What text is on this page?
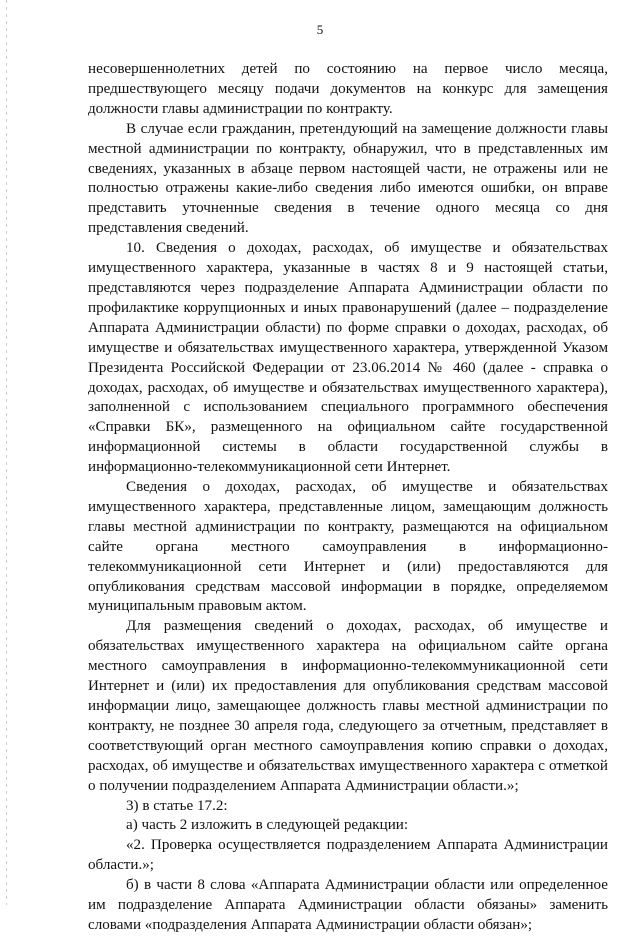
5

несовершеннолетних детей по состоянию на первое число месяца, предшествующего месяцу подачи документов на конкурс для замещения должности главы администрации по контракту.

В случае если гражданин, претендующий на замещение должности главы местной администрации по контракту, обнаружил, что в представленных им сведениях, указанных в абзаце первом настоящей части, не отражены или не полностью отражены какие-либо сведения либо имеются ошибки, он вправе представить уточненные сведения в течение одного месяца со дня представления сведений.

10. Сведения о доходах, расходах, об имуществе и обязательствах имущественного характера, указанные в частях 8 и 9 настоящей статьи, представляются через подразделение Аппарата Администрации области по профилактике коррупционных и иных правонарушений (далее – подразделение Аппарата Администрации области) по форме справки о доходах, расходах, об имуществе и обязательствах имущественного характера, утвержденной Указом Президента Российской Федерации от 23.06.2014 № 460 (далее - справка о доходах, расходах, об имуществе и обязательствах имущественного характера), заполненной с использованием специального программного обеспечения «Справки БК», размещенного на официальном сайте государственной информационной системы в области государственной службы в информационно-телекоммуникационной сети Интернет.

Сведения о доходах, расходах, об имуществе и обязательствах имущественного характера, представленные лицом, замещающим должность главы местной администрации по контракту, размещаются на официальном сайте органа местного самоуправления в информационно-телекоммуникационной сети Интернет и (или) предоставляются для опубликования средствам массовой информации в порядке, определяемом муниципальным правовым актом.

Для размещения сведений о доходах, расходах, об имуществе и обязательствах имущественного характера на официальном сайте органа местного самоуправления в информационно-телекоммуникационной сети Интернет и (или) их предоставления для опубликования средствам массовой информации лицо, замещающее должность главы местной администрации по контракту, не позднее 30 апреля года, следующего за отчетным, представляет в соответствующий орган местного самоуправления копию справки о доходах, расходах, об имуществе и обязательствах имущественного характера с отметкой о получении подразделением Аппарата Администрации области.»;

3) в статье 17.2:

а) часть 2 изложить в следующей редакции:

«2. Проверка осуществляется подразделением Аппарата Администрации области.»;

б) в части 8 слова «Аппарата Администрации области или определенное им подразделение Аппарата Администрации области обязаны» заменить словами «подразделения Аппарата Администрации области обязан»;
